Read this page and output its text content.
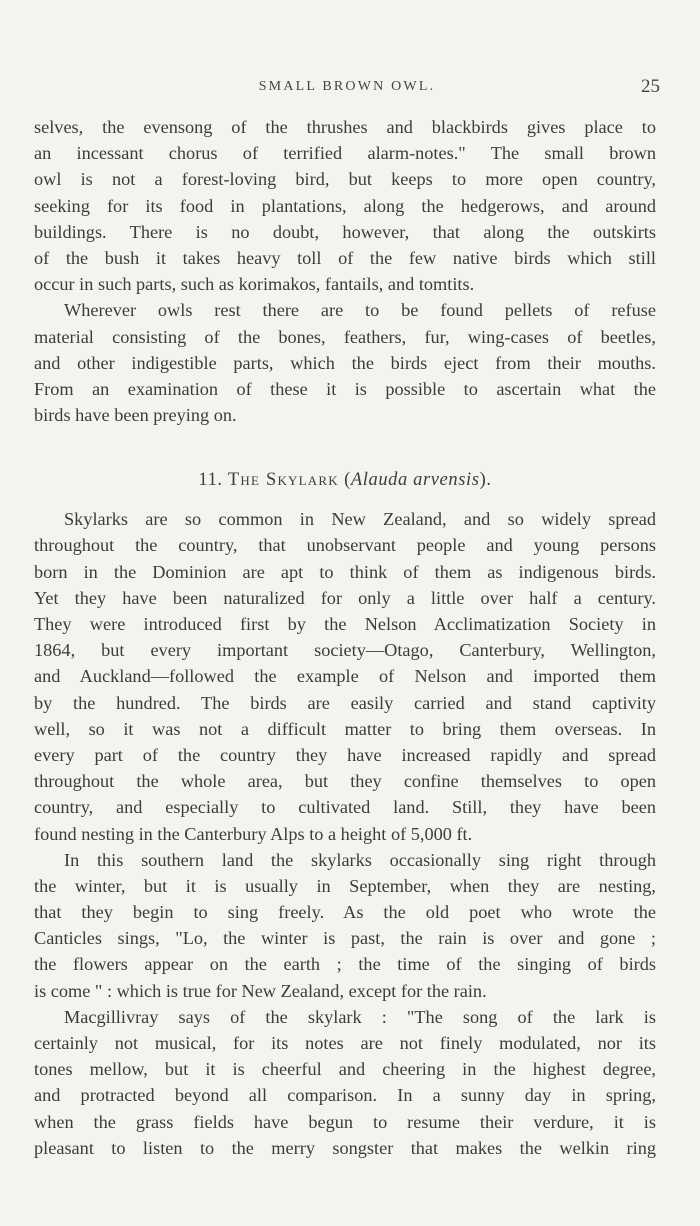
SMALL BROWN OWL.	25
selves, the evensong of the thrushes and blackbirds gives place to
an incessant chorus of terrified alarm-notes." The small brown
owl is not a forest-loving bird, but keeps to more open country,
seeking for its food in plantations, along the hedgerows, and around
buildings. There is no doubt, however, that along the outskirts
of the bush it takes heavy toll of the few native birds which still
occur in such parts, such as korimakos, fantails, and tomtits.
Wherever owls rest there are to be found pellets of refuse
material consisting of the bones, feathers, fur, wing-cases of beetles,
and other indigestible parts, which the birds eject from their mouths.
From an examination of these it is possible to ascertain what the
birds have been preying on.
11. The Skylark (Alauda arvensis).
Skylarks are so common in New Zealand, and so widely spread
throughout the country, that unobservant people and young persons
born in the Dominion are apt to think of them as indigenous birds.
Yet they have been naturalized for only a little over half a century.
They were introduced first by the Nelson Acclimatization Society in
1864, but every important society—Otago, Canterbury, Wellington,
and Auckland—followed the example of Nelson and imported them
by the hundred. The birds are easily carried and stand captivity
well, so it was not a difficult matter to bring them overseas. In
every part of the country they have increased rapidly and spread
throughout the whole area, but they confine themselves to open
country, and especially to cultivated land. Still, they have been
found nesting in the Canterbury Alps to a height of 5,000 ft.
In this southern land the skylarks occasionally sing right through
the winter, but it is usually in September, when they are nesting,
that they begin to sing freely. As the old poet who wrote the
Canticles sings, "Lo, the winter is past, the rain is over and gone ;
the flowers appear on the earth ; the time of the singing of birds
is come " : which is true for New Zealand, except for the rain.
Macgillivray says of the skylark : "The song of the lark is
certainly not musical, for its notes are not finely modulated, nor its
tones mellow, but it is cheerful and cheering in the highest degree,
and protracted beyond all comparison. In a sunny day in spring,
when the grass fields have begun to resume their verdure, it is
pleasant to listen to the merry songster that makes the welkin ring
